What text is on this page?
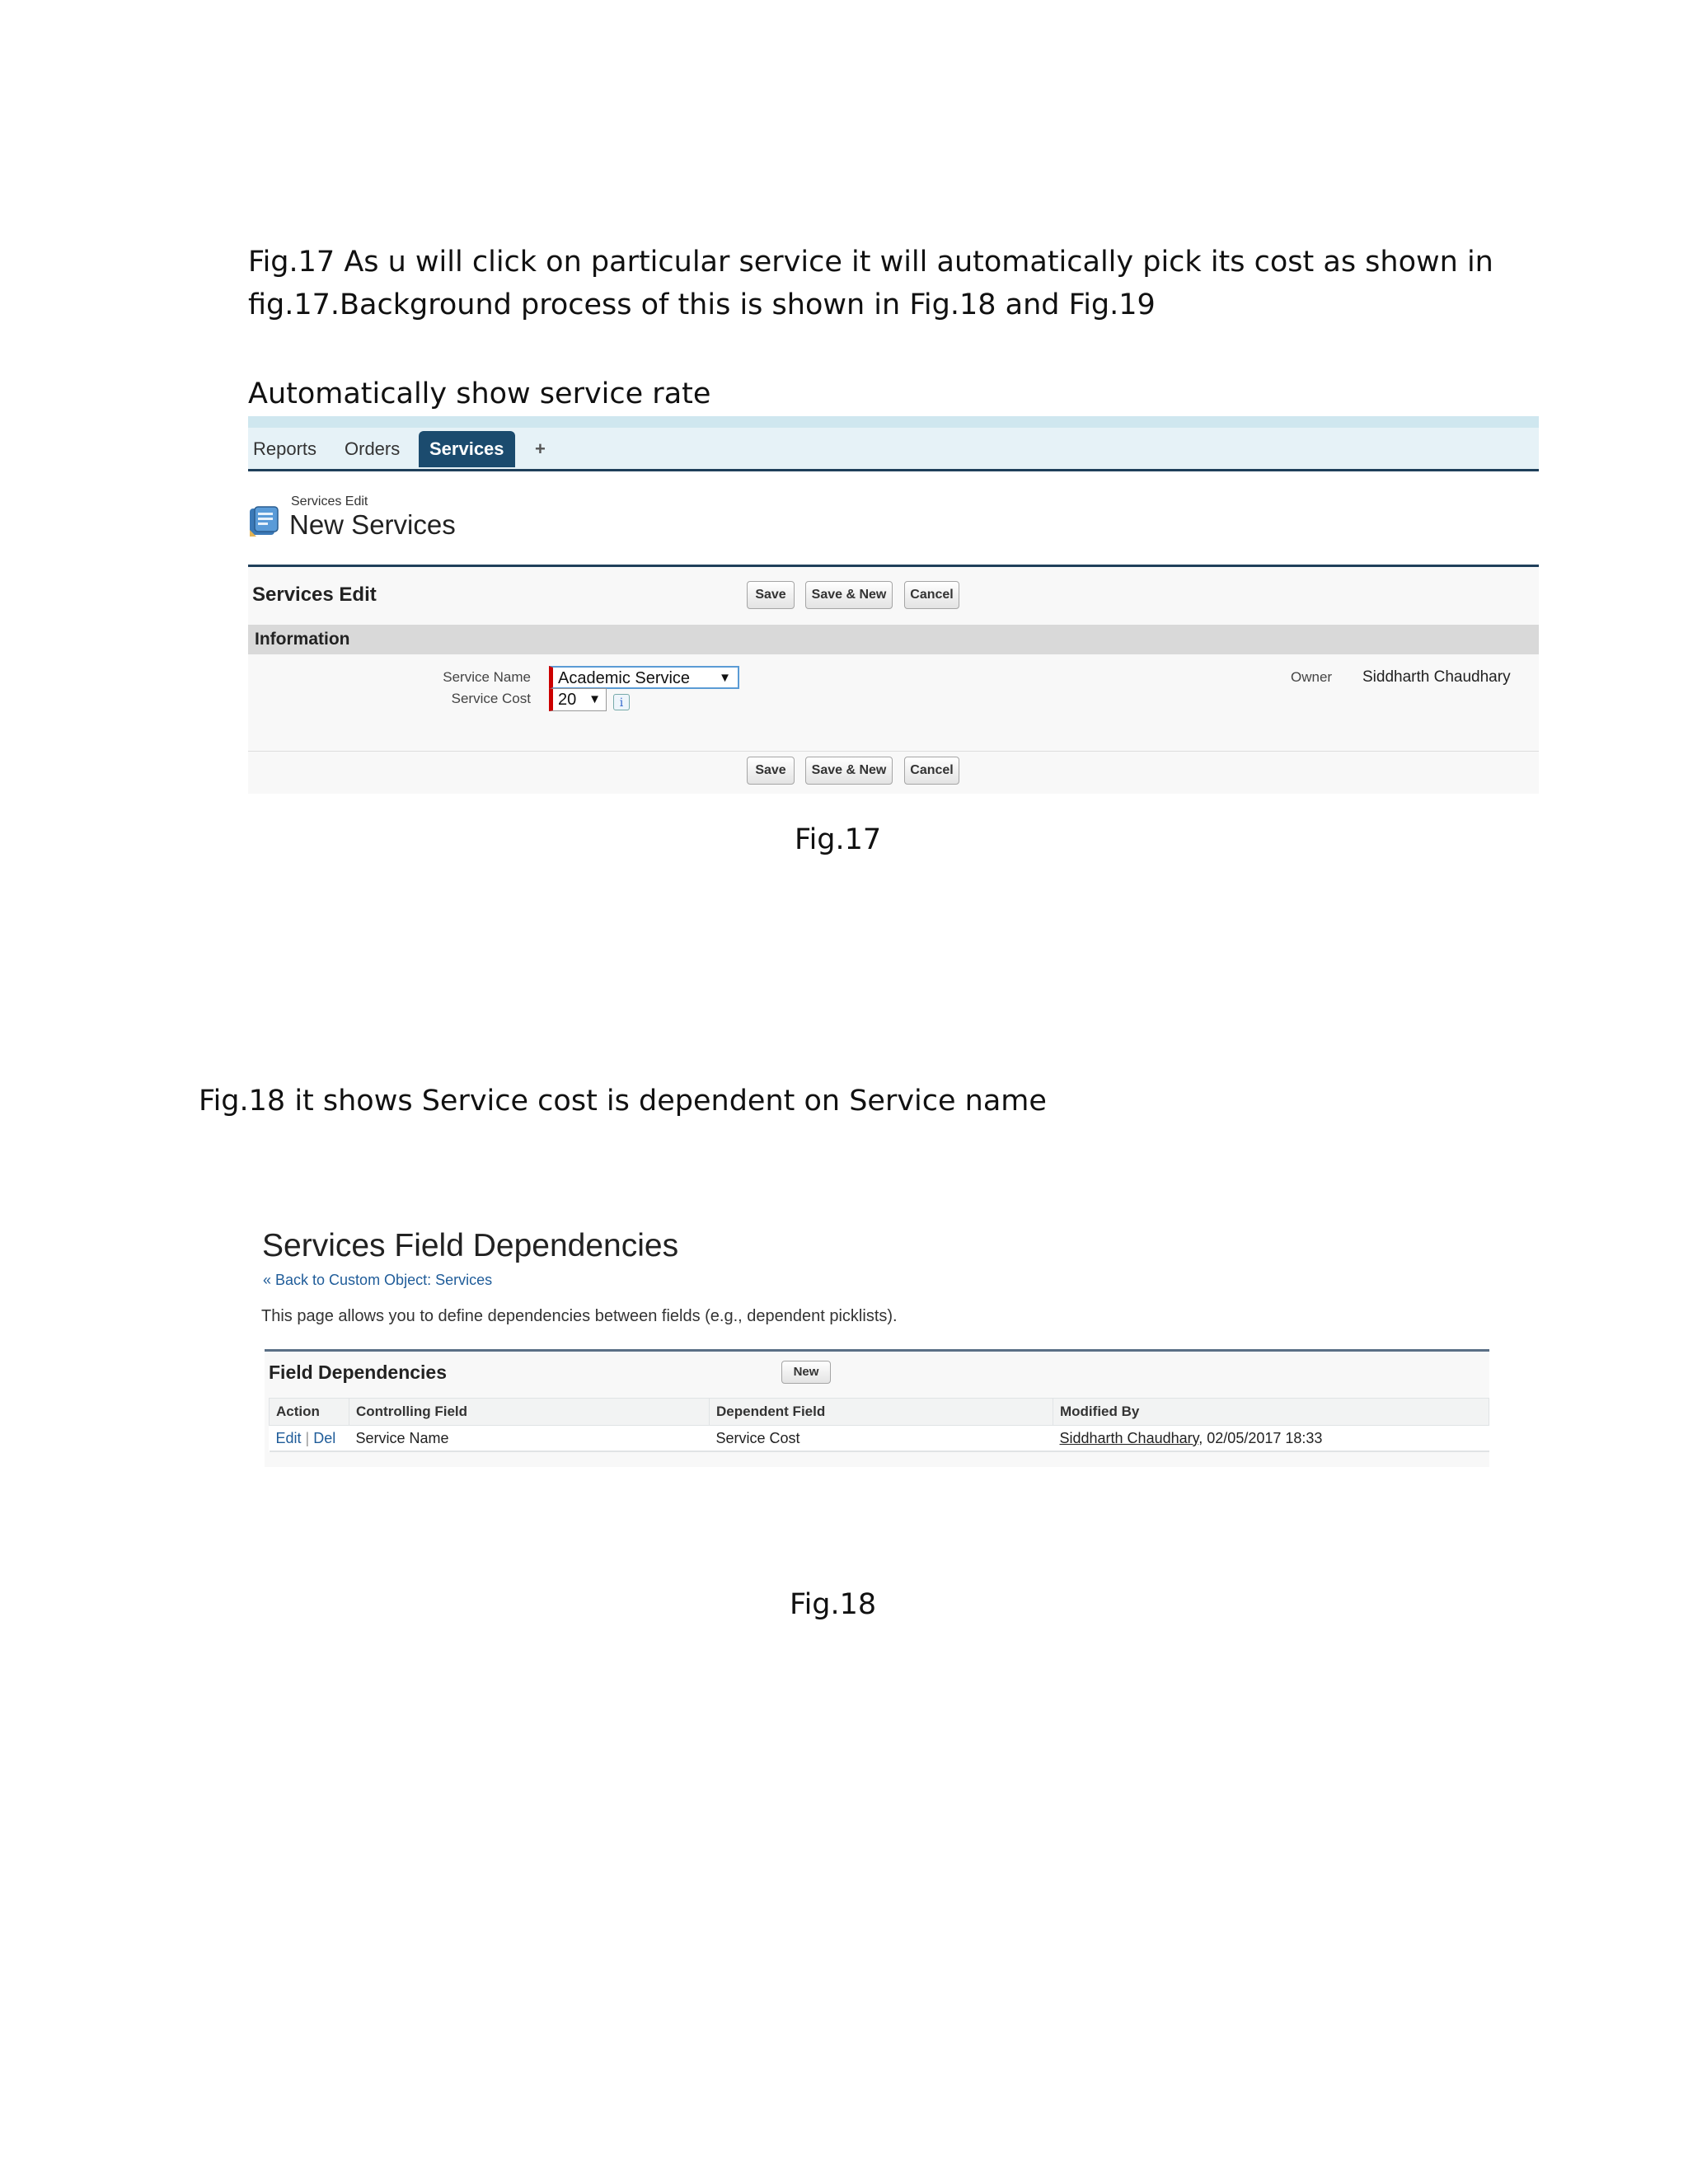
Fig.17 As u will click on particular service it will automatically pick its cost as shown in
fig.17.Background process of this is shown in Fig.18 and Fig.19
Automatically show service rate
Reports Orders	Services	+
Services Edit
New Services
Services Edit	Save	Save & New	Cancel
Information
Service Name	Academic Service ▼
Service Cost	20 ▼	i
Owner Siddharth Chaudhary
Save	Save & New	Cancel
Fig.17
Fig.18 it shows Service cost is dependent on Service name
Services Field Dependencies
« Back to Custom Object: Services
This page allows you to define dependencies between fields (e.g., dependent picklists).
Field Dependencies	New
Action	Controlling Field	Dependent Field	Modified By
Edit | Del	Service Name	Service Cost	Siddharth Chaudhary, 02/05/2017 18:33
Fig.18
